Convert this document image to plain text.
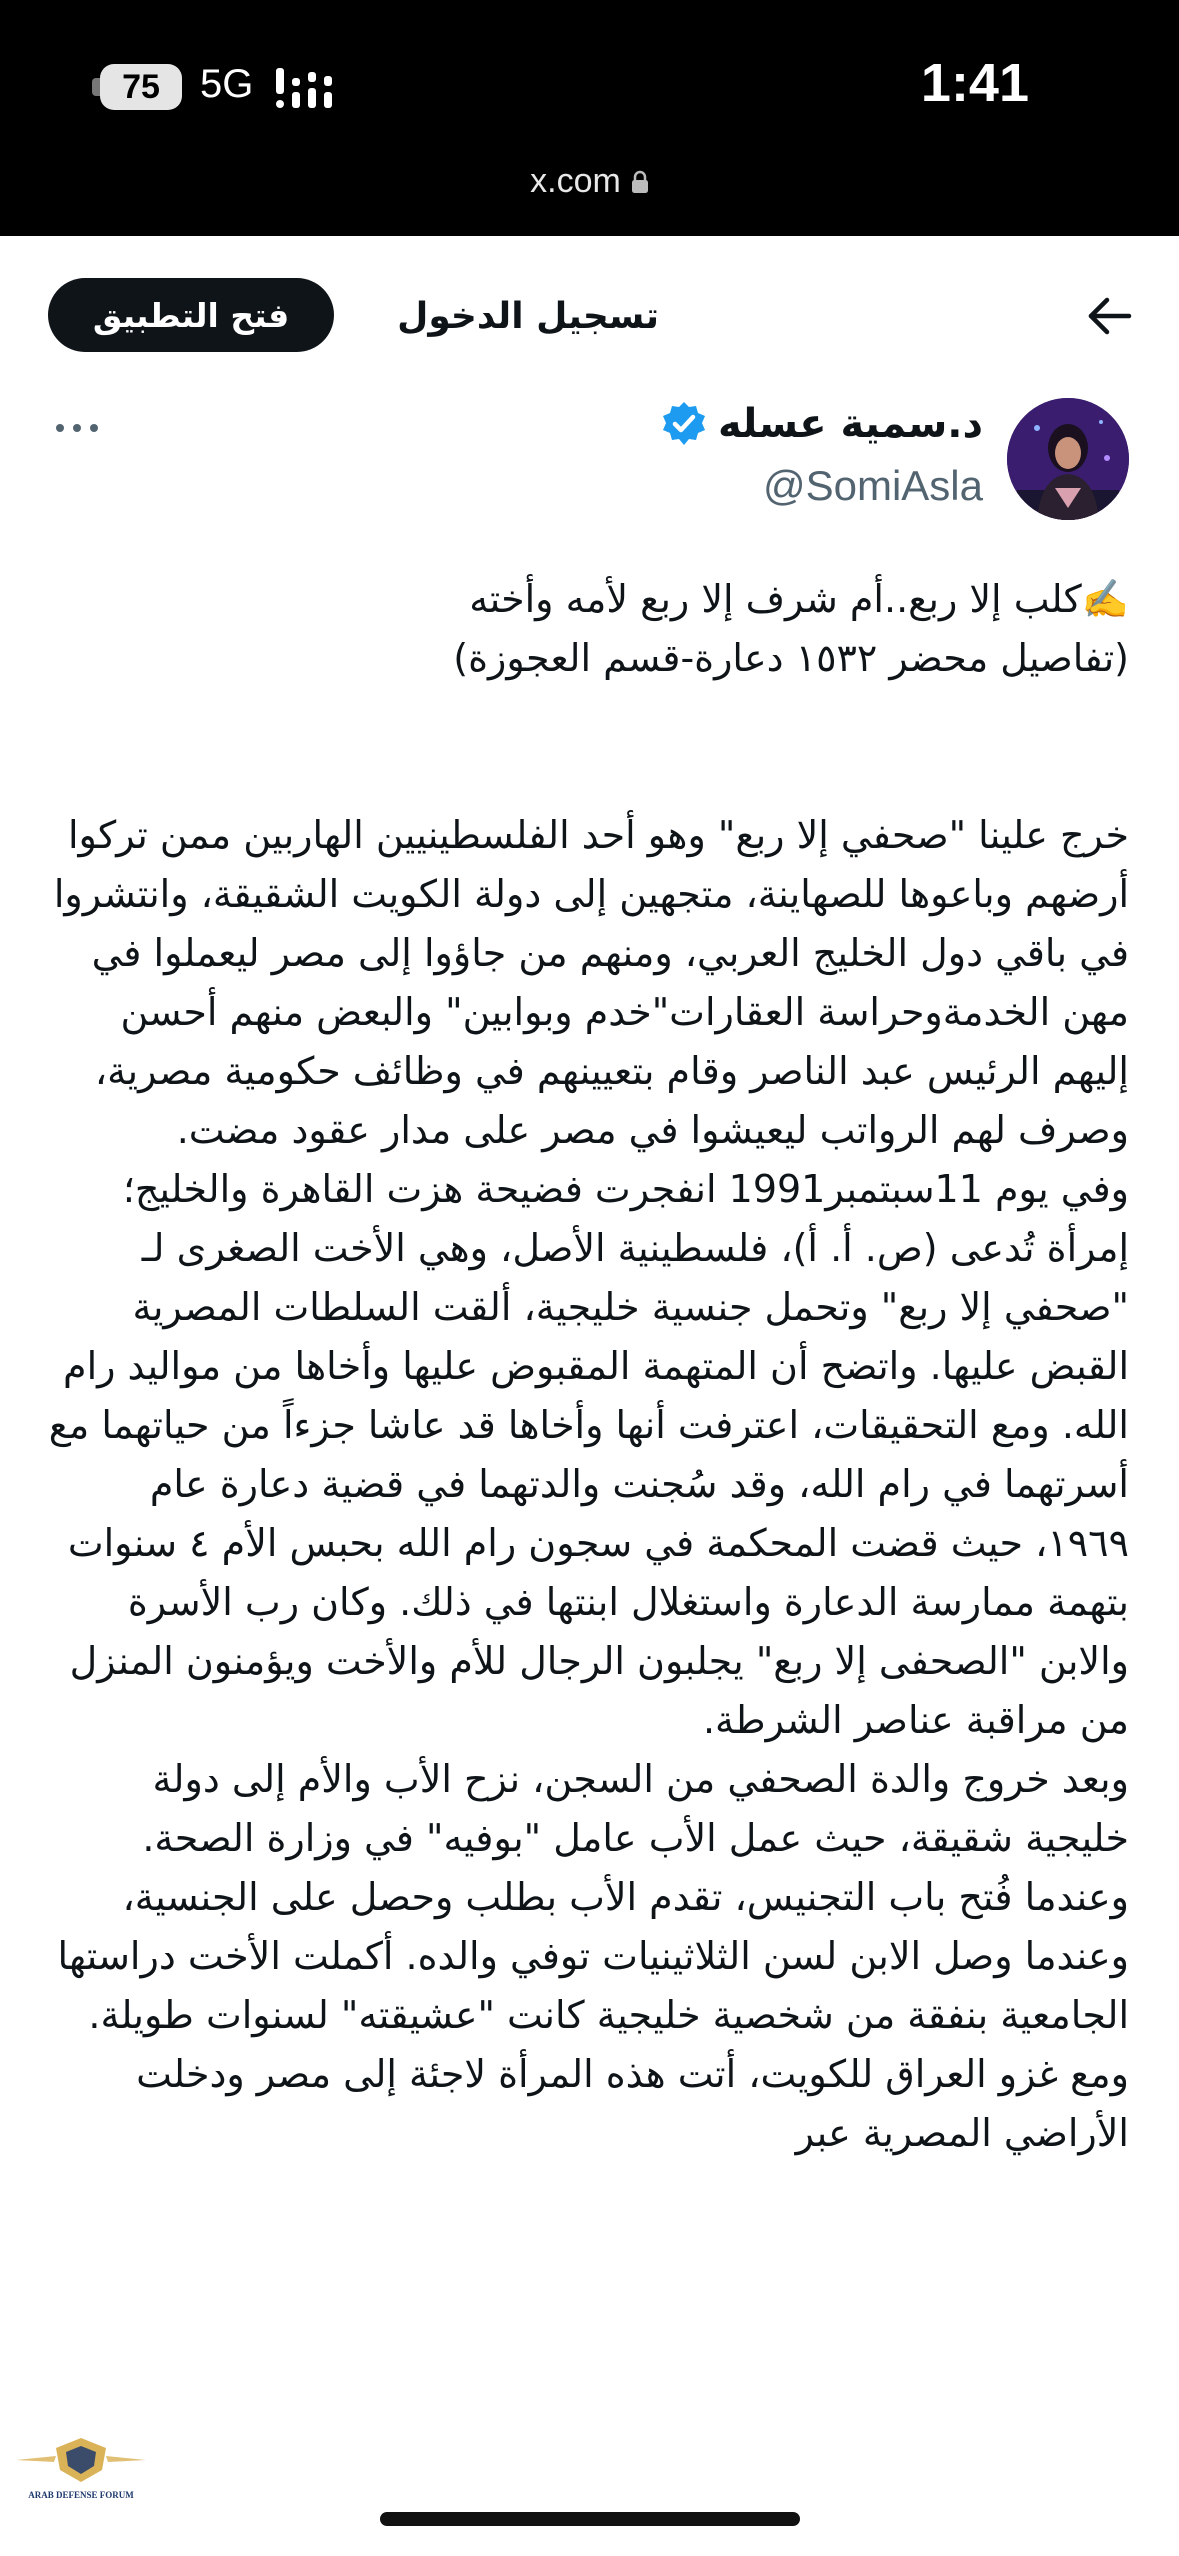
75	5G	1:41
x.com
تسجيل الدخول
فتح التطبيق
د.سمية عسله
@SomiAsla

✍️كلب إلا ربع..أم شرف إلا ربع لأمه وأخته

(تفاصيل محضر ١٥٣٢ دعارة-قسم العجوزة)

خرج علينا "صحفي إلا ربع" وهو أحد الفلسطينيين الهاربين ممن تركوا أرضهم وباعوها للصهاينة، متجهين إلى دولة الكويت الشقيقة، وانتشروا في باقي دول الخليج العربي، ومنهم من جاؤوا إلى مصر ليعملوا في مهن الخدمةوحراسة العقارات"خدم وبوابين" والبعض منهم أحسن إليهم الرئيس عبد الناصر وقام بتعيينهم في وظائف حكومية مصرية، وصرف لهم الرواتب ليعيشوا في مصر على مدار عقود مضت.

وفي يوم 11سبتمبر1991 انفجرت فضيحة هزت القاهرة والخليج؛ إمرأة تُدعى (ص. أ. أ)، فلسطينية الأصل، وهي الأخت الصغرى لـ "صحفي إلا ربع" وتحمل جنسية خليجية، ألقت السلطات المصرية القبض عليها. واتضح أن المتهمة المقبوض عليها وأخاها من مواليد رام الله. ومع التحقيقات، اعترفت أنها وأخاها قد عاشا جزءاً من حياتهما مع أسرتهما في رام الله، وقد سُجنت والدتهما في قضية دعارة عام ١٩٦٩، حيث قضت المحكمة في سجون رام الله بحبس الأم ٤ سنوات بتهمة ممارسة الدعارة واستغلال ابنتها في ذلك. وكان رب الأسرة والابن "الصحفى إلا ربع" يجلبون الرجال للأم والأخت ويؤمنون المنزل من مراقبة عناصر الشرطة.

وبعد خروج والدة الصحفي من السجن، نزح الأب والأم إلى دولة خليجية شقيقة، حيث عمل الأب عامل "بوفيه" في وزارة الصحة. وعندما فُتح باب التجنيس، تقدم الأب بطلب وحصل على الجنسية، وعندما وصل الابن لسن الثلاثينيات توفي والده. أكملت الأخت دراستها الجامعية بنفقة من شخصية خليجية كانت "عشيقته" لسنوات طويلة. ومع غزو العراق للكويت، أتت هذه المرأة لاجئة إلى مصر ودخلت الأراضي المصرية عبر

ARAB DEFENSE FORUM
